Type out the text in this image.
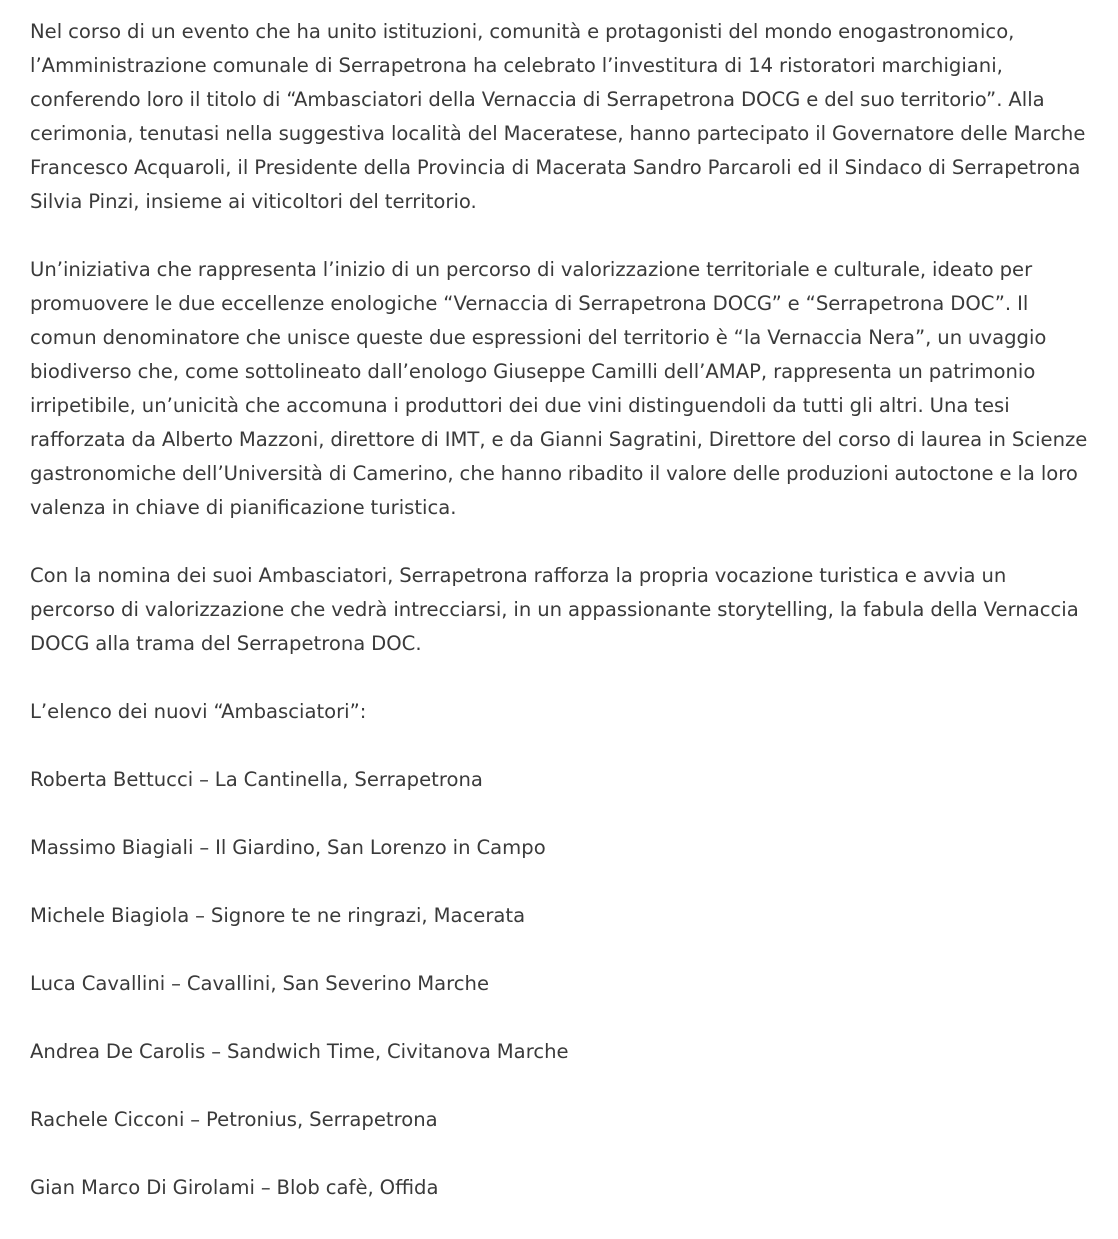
Nel corso di un evento che ha unito istituzioni, comunità e protagonisti del mondo enogastronomico, l’Amministrazione comunale di Serrapetrona ha celebrato l’investitura di 14 ristoratori marchigiani, conferendo loro il titolo di “Ambasciatori della Vernaccia di Serrapetrona DOCG e del suo territorio”. Alla cerimonia, tenutasi nella suggestiva località del Maceratese, hanno partecipato il Governatore delle Marche Francesco Acquaroli, il Presidente della Provincia di Macerata Sandro Parcaroli ed il Sindaco di Serrapetrona Silvia Pinzi, insieme ai viticoltori del territorio.

Un’iniziativa che rappresenta l’inizio di un percorso di valorizzazione territoriale e culturale, ideato per promuovere le due eccellenze enologiche “Vernaccia di Serrapetrona DOCG” e “Serrapetrona DOC”. Il comun denominatore che unisce queste due espressioni del territorio è “la Vernaccia Nera”, un uvaggio biodiverso che, come sottolineato dall’enologo Giuseppe Camilli dell’AMAP, rappresenta un patrimonio irripetibile, un’unicità che accomuna i produttori dei due vini distinguendoli da tutti gli altri. Una tesi rafforzata da Alberto Mazzoni, direttore di IMT, e da Gianni Sagratini, Direttore del corso di laurea in Scienze gastronomiche dell’Università di Camerino, che hanno ribadito il valore delle produzioni autoctone e la loro valenza in chiave di pianificazione turistica.

Con la nomina dei suoi Ambasciatori, Serrapetrona rafforza la propria vocazione turistica e avvia un percorso di valorizzazione che vedrà intrecciarsi, in un appassionante storytelling, la fabula della Vernaccia DOCG alla trama del Serrapetrona DOC.

L’elenco dei nuovi “Ambasciatori”:

Roberta Bettucci – La Cantinella, Serrapetrona

Massimo Biagiali – Il Giardino, San Lorenzo in Campo

Michele Biagiola – Signore te ne ringrazi, Macerata

Luca Cavallini – Cavallini, San Severino Marche

Andrea De Carolis – Sandwich Time, Civitanova Marche

Rachele Cicconi – Petronius, Serrapetrona

Gian Marco Di Girolami – Blob cafè, Offida
